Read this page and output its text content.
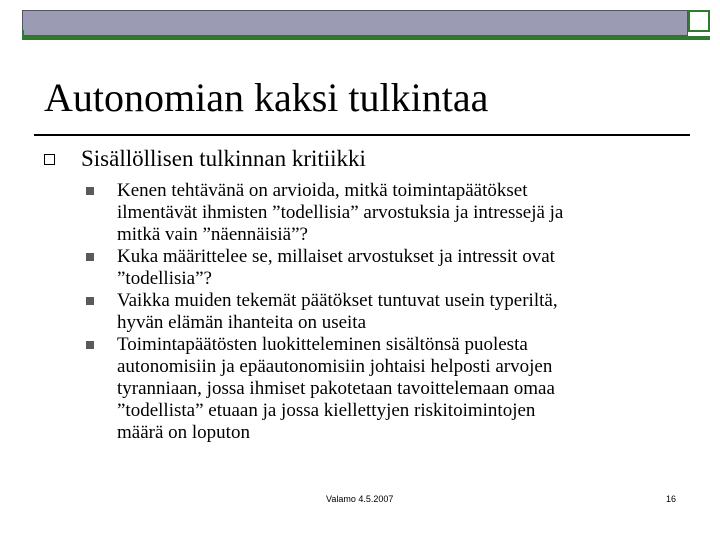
Autonomian kaksi tulkintaa
Sisällöllisen tulkinnan kritiikki
Kenen tehtävänä on arvioida, mitkä toimintapäätökset
ilmentävät ihmisten ”todellisia” arvostuksia ja intressejä ja
mitkä vain ”näennäisiä”?
Kuka määrittelee se, millaiset arvostukset ja intressit ovat
”todellisia”?
Vaikka muiden tekemät päätökset tuntuvat usein typeriltä,
hyvän elämän ihanteita on useita
Toimintapäätösten luokitteleminen sisältönsä puolesta
autonomisiin ja epäautonomisiin johtaisi helposti arvojen
tyranniaan, jossa ihmiset pakotetaan tavoittelemaan omaa
”todellista” etuaan ja jossa kiellettyjen riskitoimintojen
määrä on loputon
Valamo 4.5.2007	16
